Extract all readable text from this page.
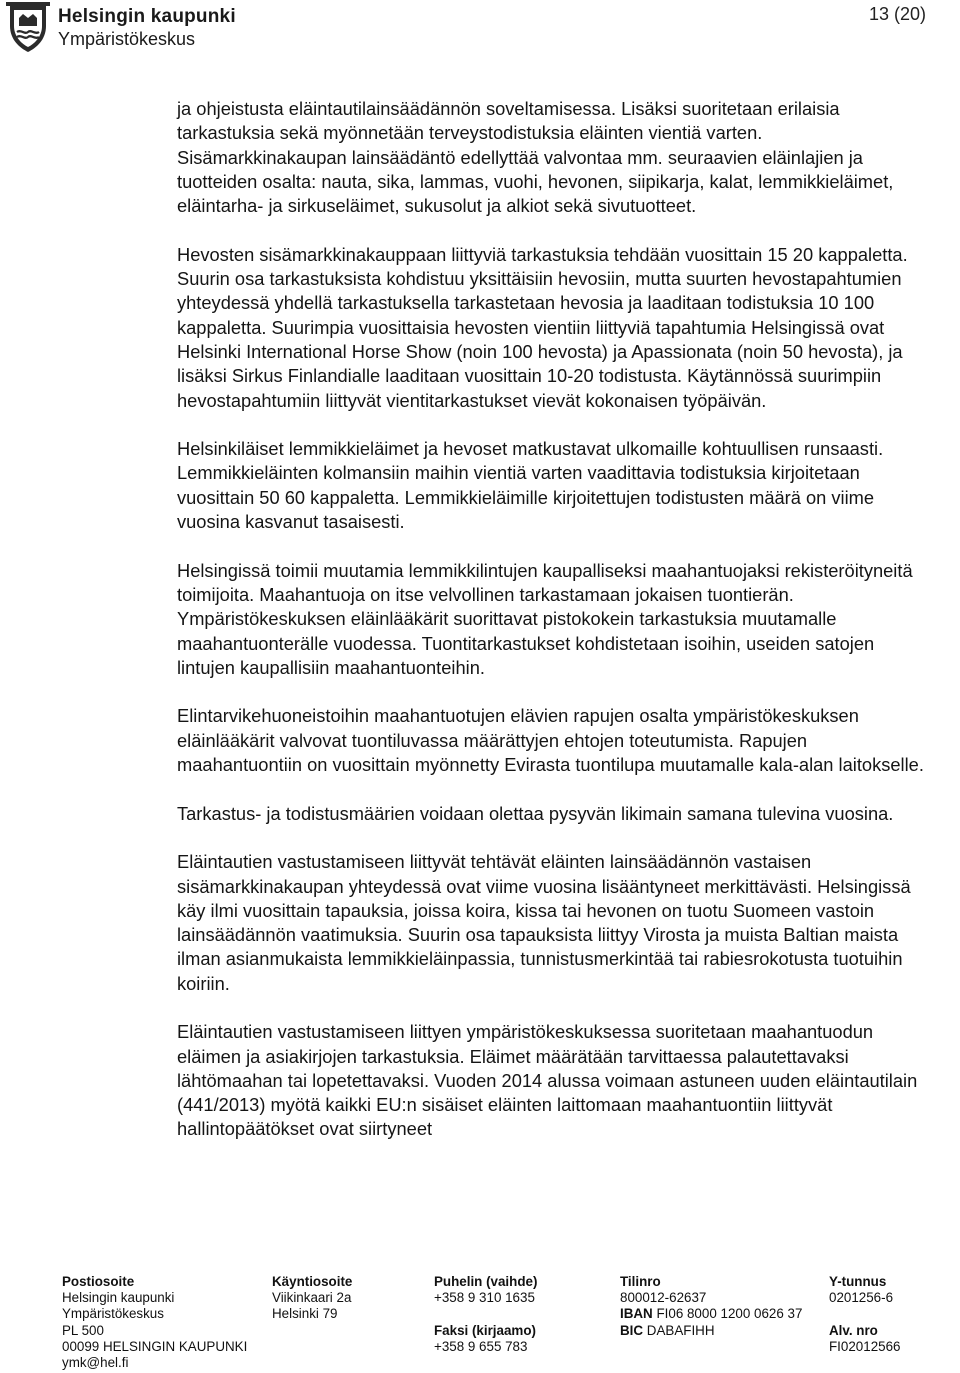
Helsingin kaupunki
Ympäristökeskus
13 (20)

ja ohjeistusta eläintautilainsäädännön soveltamisessa. Lisäksi suoritetaan erilaisia tarkastuksia sekä myönnetään terveystodistuksia eläinten vientiä varten. Sisämarkkinakaupan lainsäädäntö edellyttää valvontaa mm. seuraavien eläinlajien ja tuotteiden osalta: nauta, sika, lammas, vuohi, hevonen, siipikarja, kalat, lemmikkieläimet, eläintarha- ja sirkuseläimet, sukusolut ja alkiot sekä sivutuotteet.

Hevosten sisämarkkinakauppaan liittyviä tarkastuksia tehdään vuosittain 15 20 kappaletta. Suurin osa tarkastuksista kohdistuu yksittäisiin hevosiin, mutta suurten hevostapahtumien yhteydessä yhdellä tarkastuksella tarkastetaan hevosia ja laaditaan todistuksia 10 100 kappaletta. Suurimpia vuosittaisia hevosten vientiin liittyviä tapahtumia Helsingissä ovat Helsinki International Horse Show (noin 100 hevosta) ja Apassionata (noin 50 hevosta), ja lisäksi Sirkus Finlandialle laaditaan vuosittain 10-20 todistusta. Käytännössä suurimpiin hevostapahtumiin liittyvät vientitarkastukset vievät kokonaisen työpäivän.

Helsinkiläiset lemmikkieläimet ja hevoset matkustavat ulkomaille kohtuullisen runsaasti. Lemmikkieläinten kolmansiin maihin vientiä varten vaadittavia todistuksia kirjoitetaan vuosittain 50 60 kappaletta. Lemmikkieläimille kirjoitettujen todistusten määrä on viime vuosina kasvanut tasaisesti.

Helsingissä toimii muutamia lemmikkilintujen kaupalliseksi maahantuojaksi rekisteröityneitä toimijoita. Maahantuoja on itse velvollinen tarkastamaan jokaisen tuontierän. Ympäristökeskuksen eläinlääkärit suorittavat pistokokein tarkastuksia muutamalle maahantuonterälle vuodessa. Tuontitarkastukset kohdistetaan isoihin, useiden satojen lintujen kaupallisiin maahantuonteihin.

Elintarvikehuoneistoihin maahantuotujen elävien rapujen osalta ympäristökeskuksen eläinlääkärit valvovat tuontiluvassa määrättyjen ehtojen toteutumista. Rapujen maahantuontiin on vuosittain myönnetty Evirasta tuontilupa muutamalle kala-alan laitokselle.

Tarkastus- ja todistusmäärien voidaan olettaa pysyvän likimain samana tulevina vuosina.

Eläintautien vastustamiseen liittyvät tehtävät eläinten lainsäädännön vastaisen sisämarkkinakaupan yhteydessä ovat viime vuosina lisääntyneet merkittävästi. Helsingissä käy ilmi vuosittain tapauksia, joissa koira, kissa tai hevonen on tuotu Suomeen vastoin lainsäädännön vaatimuksia. Suurin osa tapauksista liittyy Virosta ja muista Baltian maista ilman asianmukaista lemmikkieläinpassia, tunnistusmerkintää tai rabiesrokotusta tuotuihin koiriin.

Eläintautien vastustamiseen liittyen ympäristökeskuksessa suoritetaan maahantuodun eläimen ja asiakirjojen tarkastuksia. Eläimet määrätään tarvittaessa palautettavaksi lähtömaahan tai lopetettavaksi. Vuoden 2014 alussa voimaan astuneen uuden eläintautilain (441/2013) myötä kaikki EU:n sisäiset eläinten laittomaan maahantuontiin liittyvät hallintopäätökset ovat siirtyneet

Postiosoite
Helsingin kaupunki
Ympäristökeskus
PL 500
00099 HELSINGIN KAUPUNKI
ymk@hel.fi
Käyntiosoite
Viikinkaari 2a
Helsinki 79
Puhelin (vaihde)
+358 9 310 1635

Faksi (kirjaamo)
+358 9 655 783
Tilinro
800012-62637
IBAN FI06 8000 1200 0626 37
BIC DABAFIHH
Y-tunnus
0201256-6

Alv. nro
FI02012566
